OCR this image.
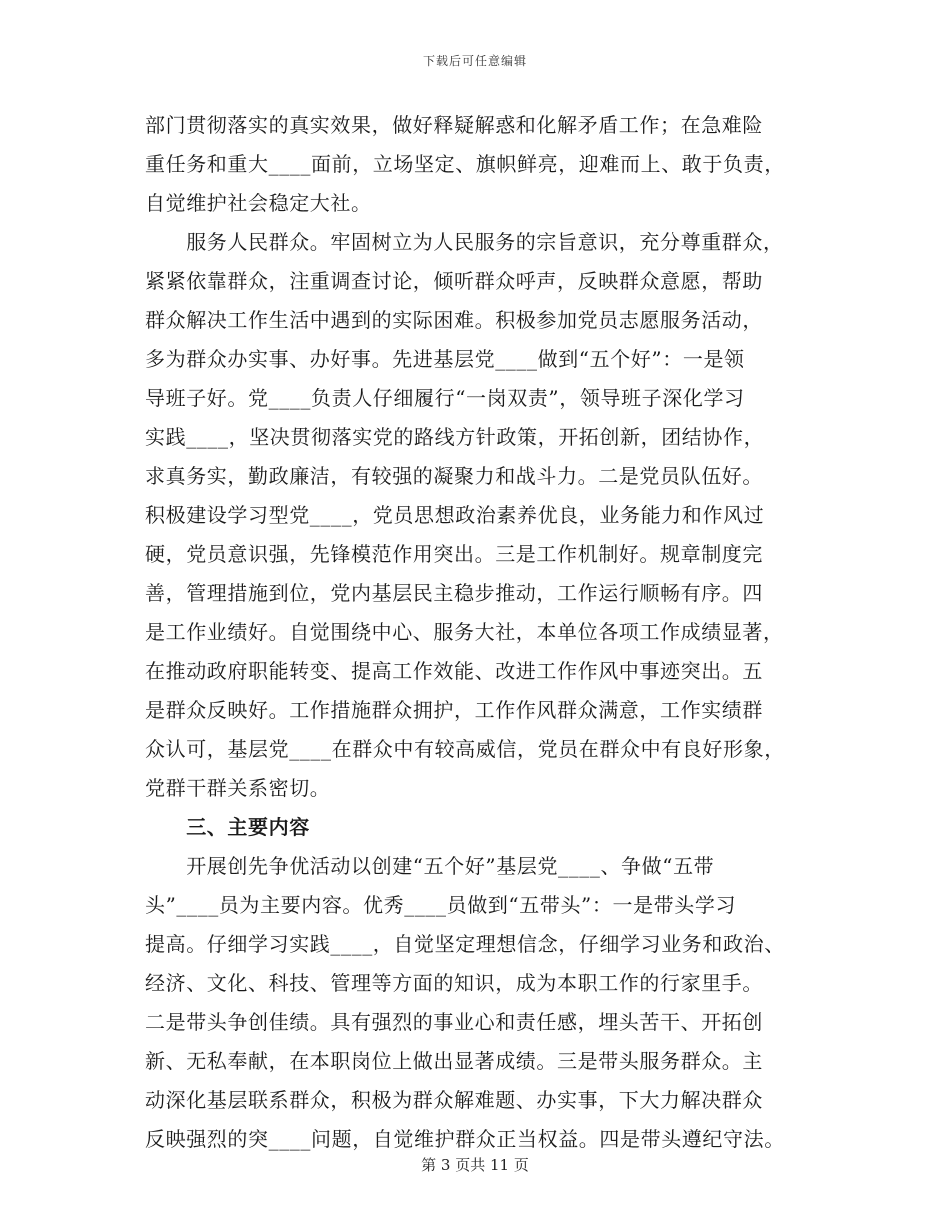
下载后可任意编辑
部门贯彻落实的真实效果，做好释疑解惑和化解矛盾工作；在急难险
重任务和重大____面前，立场坚定、旗帜鲜亮，迎难而上、敢于负责，
自觉维护社会稳定大社。
　　服务人民群众。牢固树立为人民服务的宗旨意识，充分尊重群众，
紧紧依靠群众，注重调查讨论，倾听群众呼声，反映群众意愿，帮助
群众解决工作生活中遇到的实际困难。积极参加党员志愿服务活动，
多为群众办实事、办好事。先进基层党____做到“五个好”：一是领
导班子好。党____负责人仔细履行“一岗双责”，领导班子深化学习
实践____，坚决贯彻落实党的路线方针政策，开拓创新，团结协作，
求真务实，勤政廉洁，有较强的凝聚力和战斗力。二是党员队伍好。
积极建设学习型党____，党员思想政治素养优良，业务能力和作风过
硬，党员意识强，先锋模范作用突出。三是工作机制好。规章制度完
善，管理措施到位，党内基层民主稳步推动，工作运行顺畅有序。四
是工作业绩好。自觉围绕中心、服务大社，本单位各项工作成绩显著，
在推动政府职能转变、提高工作效能、改进工作作风中事迹突出。五
是群众反映好。工作措施群众拥护，工作作风群众满意，工作实绩群
众认可，基层党____在群众中有较高威信，党员在群众中有良好形象，
党群干群关系密切。
　　三、主要内容
　　开展创先争优活动以创建“五个好”基层党____、争做“五带
头”____员为主要内容。优秀____员做到“五带头”：一是带头学习
提高。仔细学习实践____，自觉坚定理想信念，仔细学习业务和政治、
经济、文化、科技、管理等方面的知识，成为本职工作的行家里手。
二是带头争创佳绩。具有强烈的事业心和责任感，埋头苦干、开拓创
新、无私奉献，在本职岗位上做出显著成绩。三是带头服务群众。主
动深化基层联系群众，积极为群众解难题、办实事，下大力解决群众
反映强烈的突____问题，自觉维护群众正当权益。四是带头遵纪守法。
第 3 页共 11 页
